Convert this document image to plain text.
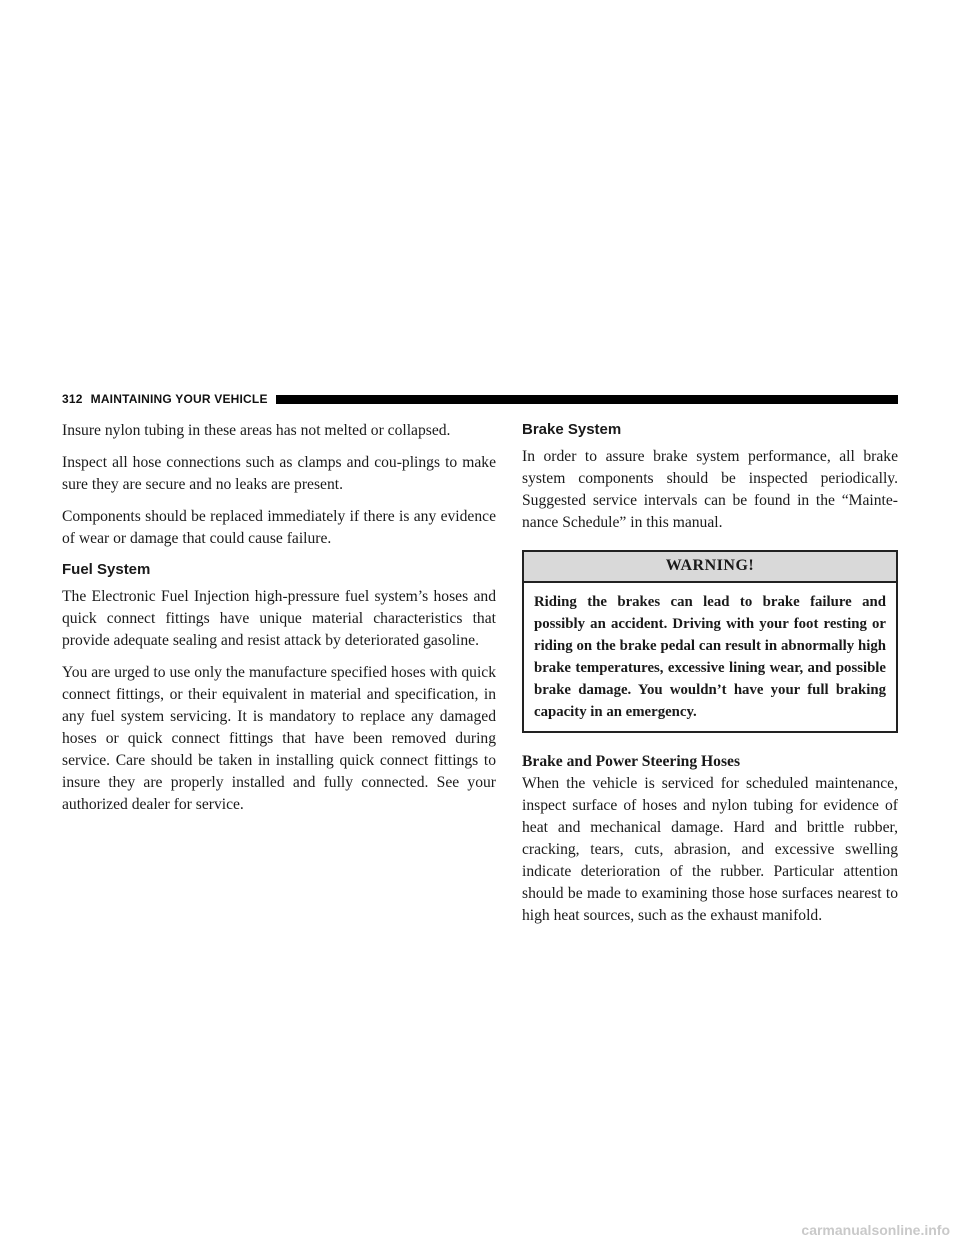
312 MAINTAINING YOUR VEHICLE

Insure nylon tubing in these areas has not melted or collapsed.

Inspect all hose connections such as clamps and cou-plings to make sure they are secure and no leaks are present.

Components should be replaced immediately if there is any evidence of wear or damage that could cause failure.

Fuel System

The Electronic Fuel Injection high-pressure fuel system’s hoses and quick connect fittings have unique material characteristics that provide adequate sealing and resist attack by deteriorated gasoline.

You are urged to use only the manufacture specified hoses with quick connect fittings, or their equivalent in material and specification, in any fuel system servicing. It is mandatory to replace any damaged hoses or quick connect fittings that have been removed during service. Care should be taken in installing quick connect fittings to insure they are properly installed and fully connected. See your authorized dealer for service.

Brake System

In order to assure brake system performance, all brake system components should be inspected periodically. Suggested service intervals can be found in the “Mainte-nance Schedule” in this manual.

WARNING!

Riding the brakes can lead to brake failure and possibly an accident. Driving with your foot resting or riding on the brake pedal can result in abnormally high brake temperatures, excessive lining wear, and possible brake damage. You wouldn’t have your full braking capacity in an emergency.

Brake and Power Steering Hoses

When the vehicle is serviced for scheduled maintenance, inspect surface of hoses and nylon tubing for evidence of heat and mechanical damage. Hard and brittle rubber, cracking, tears, cuts, abrasion, and excessive swelling indicate deterioration of the rubber. Particular attention should be made to examining those hose surfaces nearest to high heat sources, such as the exhaust manifold.

carmanualsonline.info
